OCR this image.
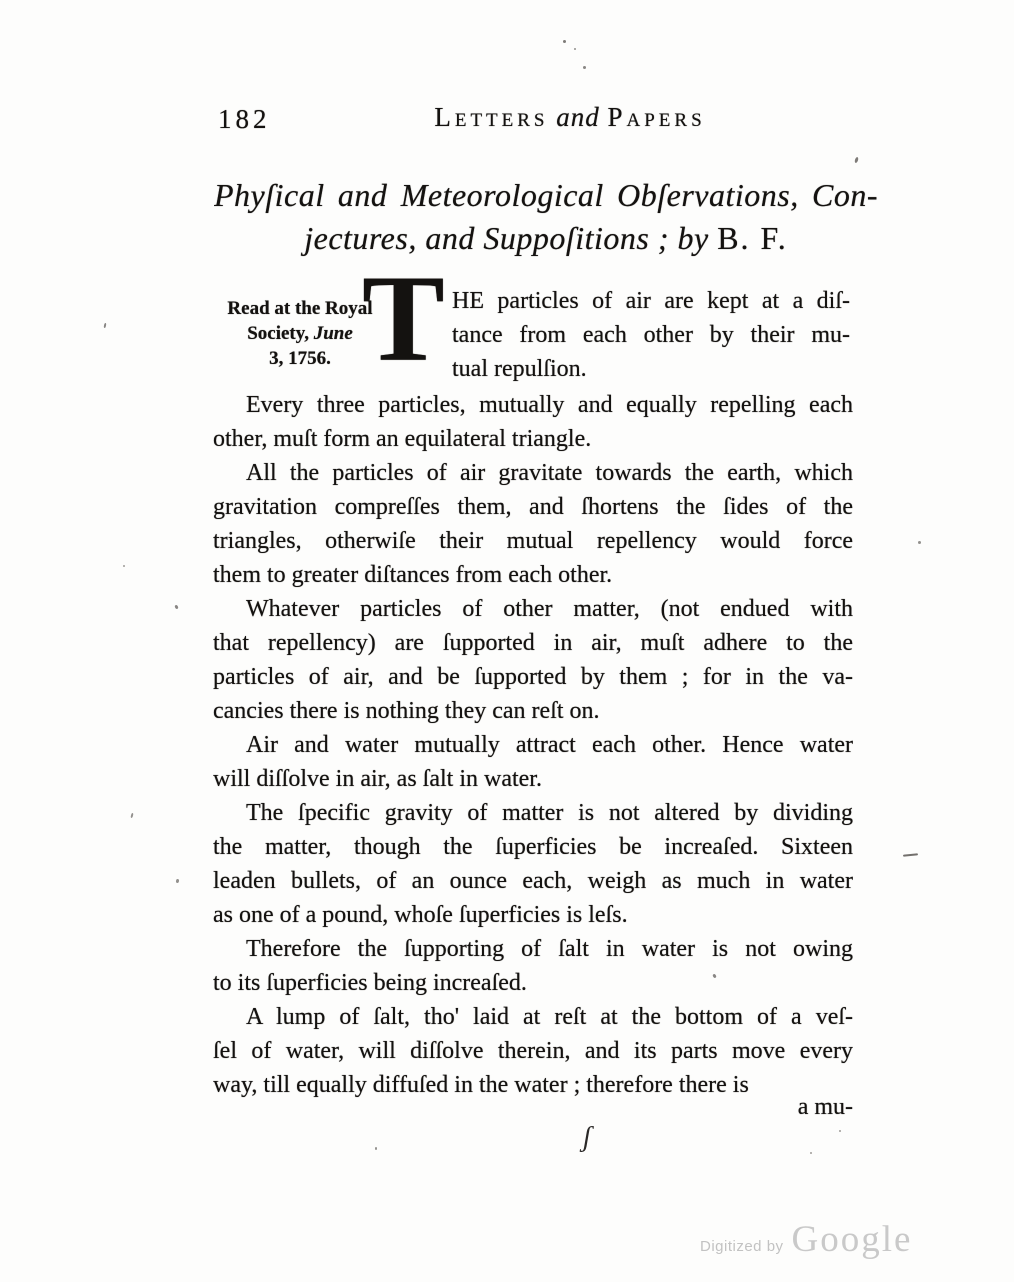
182	Letters and Papers
Phyſical and Meteorological Obſervations, Con-
jectures, and Suppoſitions ; by B. F.
Read at the Royal
Society, June
3, 1756. T HE particles of air are kept at a diſ-
tance from each other by their mu-
tual repulſion.
Every three particles, mutually and equally repelling each
other, muſt form an equilateral triangle.
All the particles of air gravitate towards the earth, which
gravitation compreſſes them, and ſhortens the ſides of the
triangles, otherwiſe their mutual repellency would force
them to greater diſtances from each other.
Whatever particles of other matter, (not endued with
that repellency) are ſupported in air, muſt adhere to the
particles of air, and be ſupported by them ; for in the va-
cancies there is nothing they can reſt on.
Air and water mutually attract each other. Hence water
will diſſolve in air, as ſalt in water.
The ſpecific gravity of matter is not altered by dividing
the matter, though the ſuperficies be increaſed. Sixteen
leaden bullets, of an ounce each, weigh as much in water
as one of a pound, whoſe ſuperficies is leſs.
Therefore the ſupporting of ſalt in water is not owing
to its ſuperficies being increaſed.
A lump of ſalt, tho' laid at reſt at the bottom of a veſ-
ſel of water, will diſſolve therein, and its parts move every
way, till equally diffuſed in the water ; therefore there is
a mu-
ʃ
Digitized by Google
